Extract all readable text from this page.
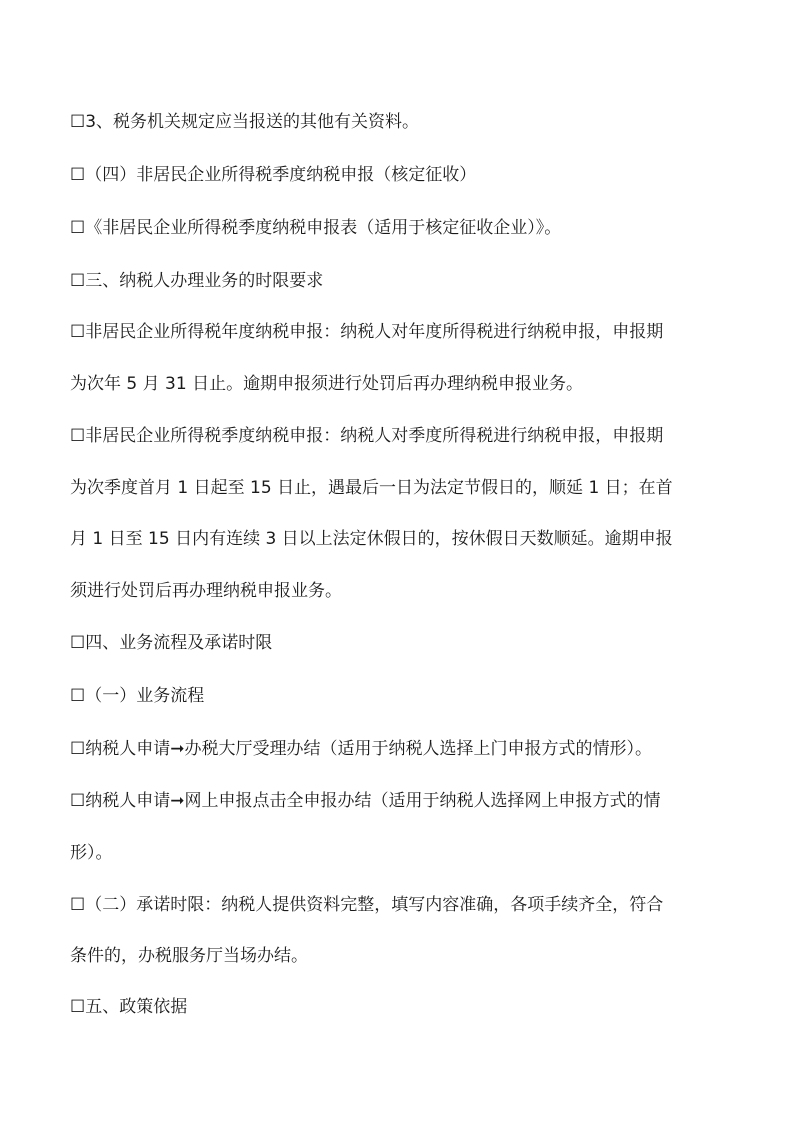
☐3、税务机关规定应当报送的其他有关资料。
☐（四）非居民企业所得税季度纳税申报（核定征收）
☐《非居民企业所得税季度纳税申报表（适用于核定征收企业）》。
☐三、纳税人办理业务的时限要求
☐非居民企业所得税年度纳税申报：纳税人对年度所得税进行纳税申报，申报期
为次年 5 月 31 日止。逾期申报须进行处罚后再办理纳税申报业务。
☐非居民企业所得税季度纳税申报：纳税人对季度所得税进行纳税申报，申报期
为次季度首月 1 日起至 15 日止，遇最后一日为法定节假日的，顺延 1 日；在首
月 1 日至 15 日内有连续 3 日以上法定休假日的，按休假日天数顺延。逾期申报
须进行处罚后再办理纳税申报业务。
☐四、业务流程及承诺时限
☐（一）业务流程
☐纳税人申请➞办税大厅受理办结（适用于纳税人选择上门申报方式的情形）。
☐纳税人申请➞网上申报点击全申报办结（适用于纳税人选择网上申报方式的情
形）。
☐（二）承诺时限：纳税人提供资料完整，填写内容准确，各项手续齐全，符合
条件的，办税服务厅当场办结。
☐五、政策依据
